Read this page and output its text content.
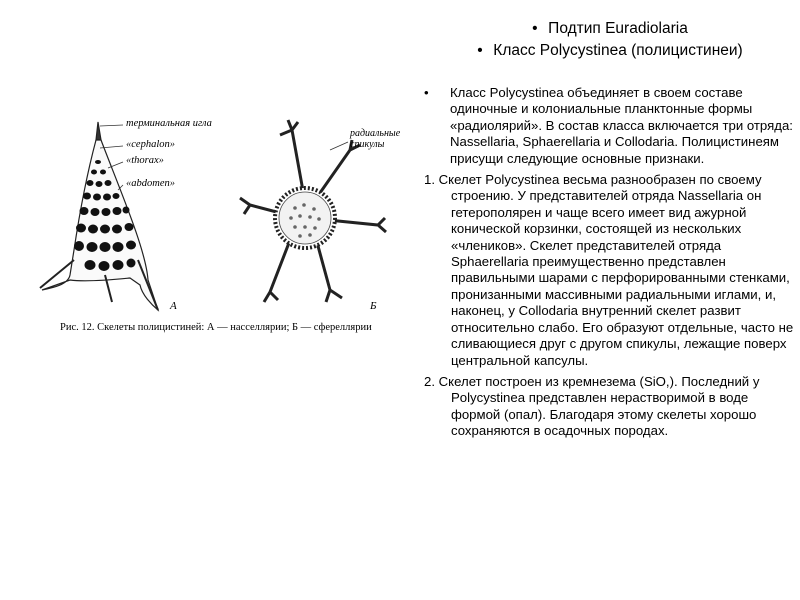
• Подтип Euradiolaria
• Класс Polycystinea (полицистинеи)
терминальная игла
«cephalon»
«thorax»
«abdomen»
радиальные спикулы
А	Б
Рис. 12. Скелеты полицистиней: А — насселлярии; Б — сфереллярии
• Класс Polycystinea объединяет в своем составе одиночные и колониальные планктонные формы «радиолярий». В состав класса включается три отряда: Nassellaria, Sphaerellaria и Collodaria. Полицистинеям присущи следующие основные признаки.
1. Скелет Polycystinea весьма разнообразен по своему строению. У представителей отряда Nassellaria он гетерополярен и чаще всего имеет вид ажурной конической корзинки, состоящей из нескольких «члеников». Скелет представителей отряда Sphaerellaria преимущественно представлен правильными шарами с перфорированными стенками, пронизанными массивными радиальными иглами, и, наконец, у Collodaria внутренний скелет развит относительно слабо. Его образуют отдельные, часто не сливающиеся друг с другом спикулы, лежащие поверх центральной капсулы.
2. Скелет построен из кремнезема (SiO,). Последний у Polycystinea представлен нерастворимой в воде формой (опал). Благодаря этому скелеты хорошо сохраняются в осадочных породах.
